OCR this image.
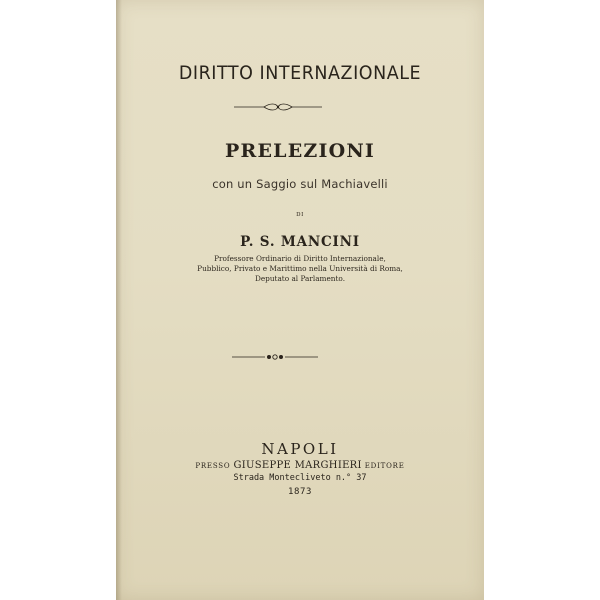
DIRITTO INTERNAZIONALE
PRELEZIONI
con un Saggio sul Machiavelli
DI
P. S. MANCINI
Professore Ordinario di Diritto Internazionale,
Pubblico, Privato e Marittimo nella Università di Roma,
Deputato al Parlamento.
NAPOLI
PRESSO GIUSEPPE MARGHIERI EDITORE
Strada Montecliveto n.° 37
1873
